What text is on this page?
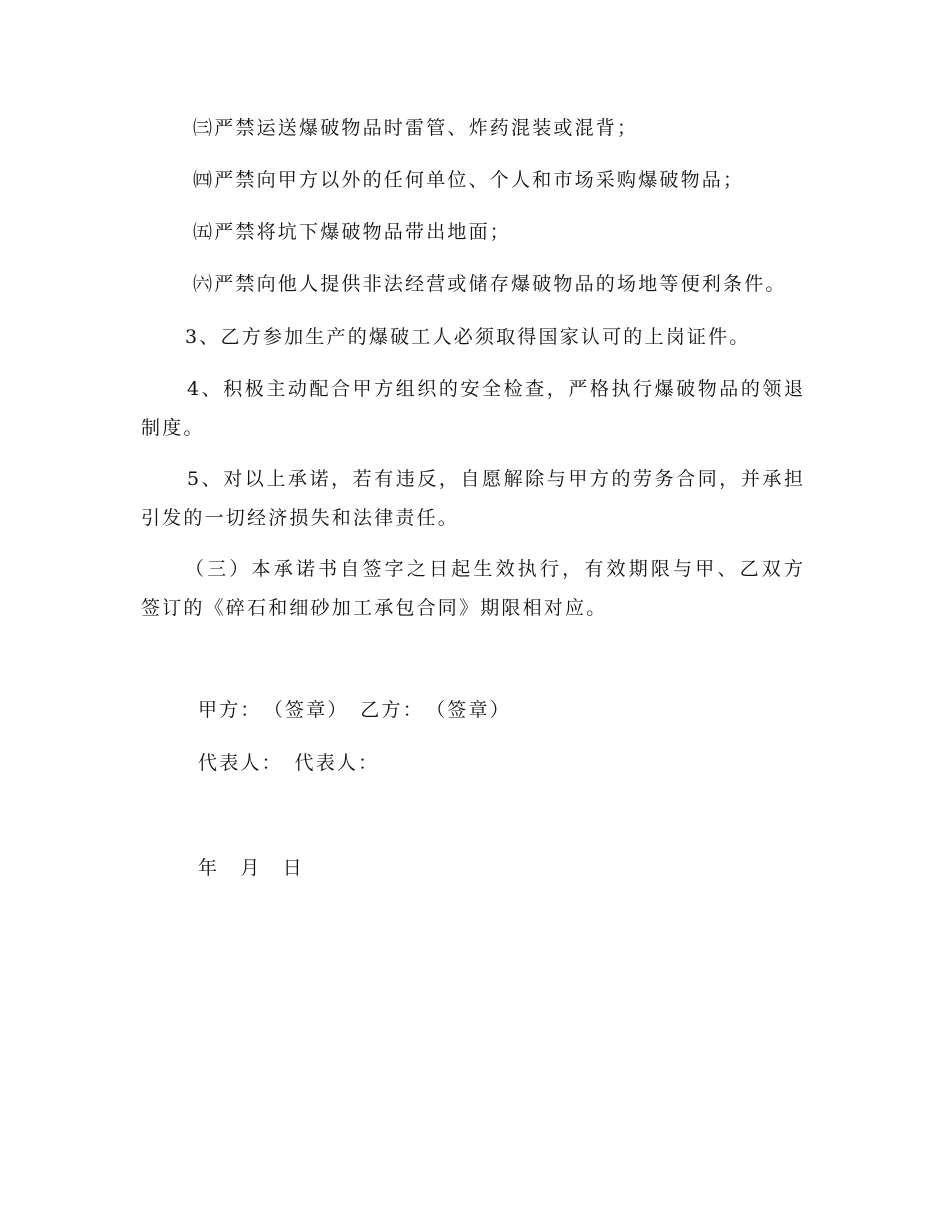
㈢严禁运送爆破物品时雷管、炸药混装或混背；
㈣严禁向甲方以外的任何单位、个人和市场采购爆破物品；
㈤严禁将坑下爆破物品带出地面；
㈥严禁向他人提供非法经营或储存爆破物品的场地等便利条件。
3、乙方参加生产的爆破工人必须取得国家认可的上岗证件。
4、积极主动配合甲方组织的安全检查，严格执行爆破物品的领退
制度。
5、对以上承诺，若有违反，自愿解除与甲方的劳务合同，并承担
引发的一切经济损失和法律责任。
（三）本承诺书自签字之日起生效执行，有效期限与甲、乙双方
签订的《碎石和细砂加工承包合同》期限相对应。
甲方：　（签章）　乙方：　（签章）
代表人：　代表人：
年　月　日
